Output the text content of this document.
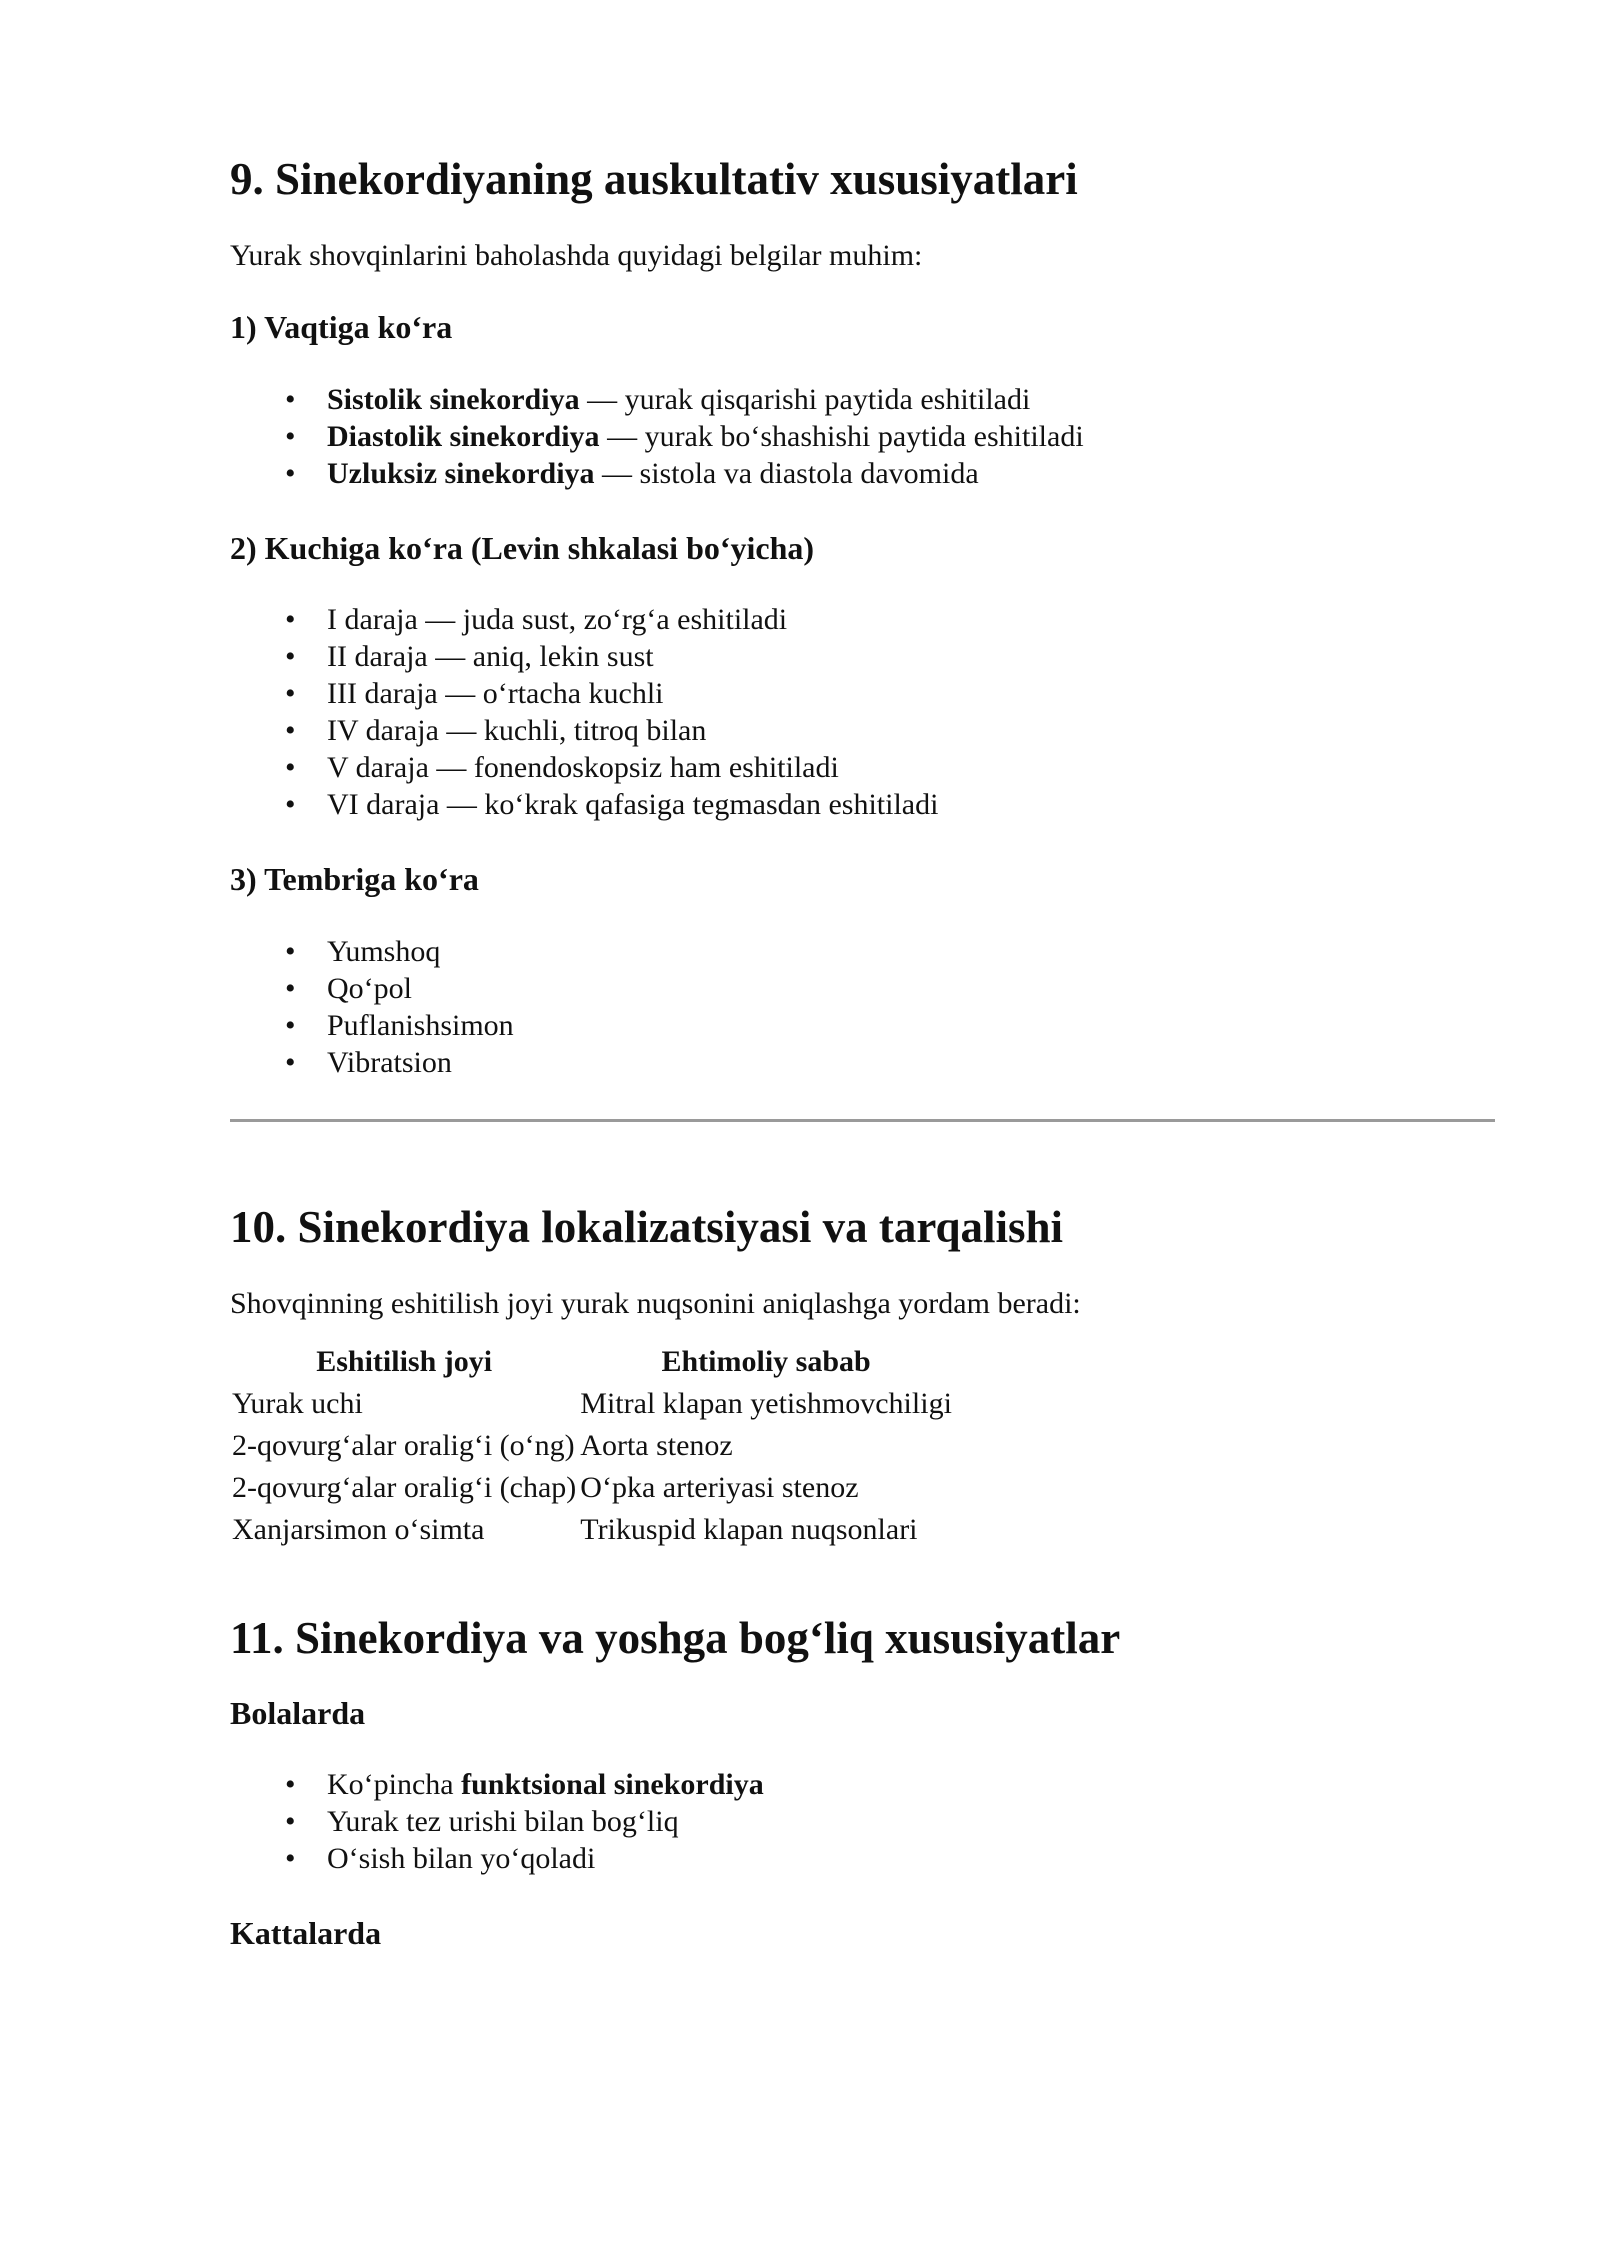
9. Sinekordiyaning auskultativ xususiyatlari

Yurak shovqinlarini baholashda quyidagi belgilar muhim:

1) Vaqtiga ko‘ra
• Sistolik sinekordiya — yurak qisqarishi paytida eshitiladi
• Diastolik sinekordiya — yurak bo‘shashishi paytida eshitiladi
• Uzluksiz sinekordiya — sistola va diastola davomida
2) Kuchiga ko‘ra (Levin shkalasi bo‘yicha)
• I daraja — juda sust, zo‘rg‘a eshitiladi
• II daraja — aniq, lekin sust
• III daraja — o‘rtacha kuchli
• IV daraja — kuchli, titroq bilan
• V daraja — fonendoskopsiz ham eshitiladi
• VI daraja — ko‘krak qafasiga tegmasdan eshitiladi
3) Tembriga ko‘ra
• Yumshoq
• Qo‘pol
• Puflanishsimon
• Vibratsion
10. Sinekordiya lokalizatsiyasi va tarqalishi

Shovqinning eshitilish joyi yurak nuqsonini aniqlashga yordam beradi:

Eshitilish joyi	Ehtimoliy sabab
Yurak uchi	Mitral klapan yetishmovchiligi
2-qovurg‘alar oralig‘i (o‘ng)	Aorta stenoz
2-qovurg‘alar oralig‘i (chap)	O‘pka arteriyasi stenoz
Xanjarsimon o‘simta	Trikuspid klapan nuqsonlari
11. Sinekordiya va yoshga bog‘liq xususiyatlar
Bolalarda
• Ko‘pincha funktsional sinekordiya
• Yurak tez urishi bilan bog‘liq
• O‘sish bilan yo‘qoladi
Kattalarda
